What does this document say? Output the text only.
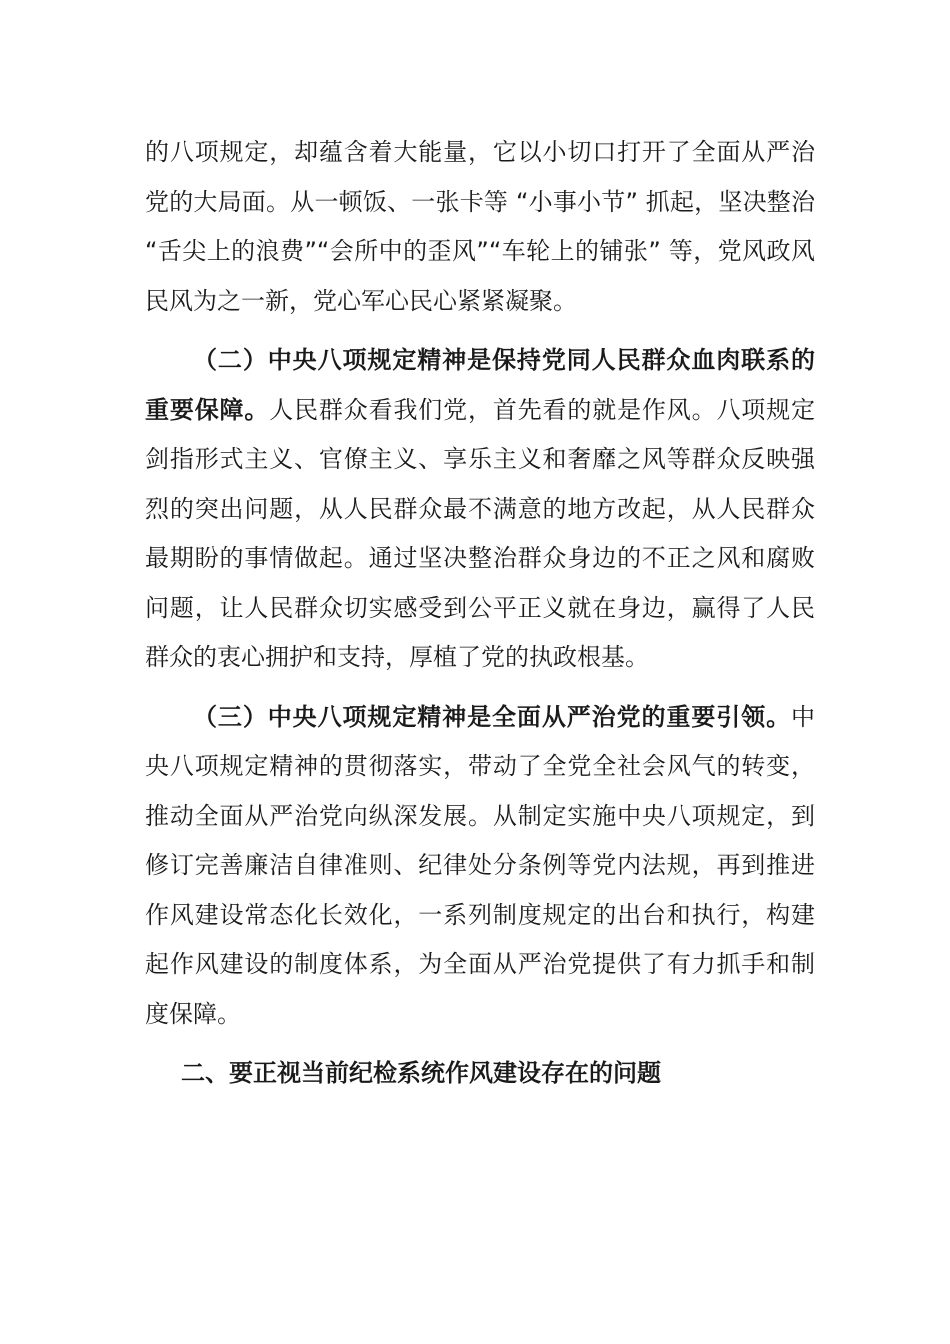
的八项规定，却蕴含着大能量，它以小切口打开了全面从严治党的大局面。从一顿饭、一张卡等 “小事小节” 抓起，坚决整治 “舌尖上的浪费”“会所中的歪风”“车轮上的铺张” 等，党风政风民风为之一新，党心军心民心紧紧凝聚。

（二）中央八项规定精神是保持党同人民群众血肉联系的重要保障。人民群众看我们党，首先看的就是作风。八项规定剑指形式主义、官僚主义、享乐主义和奢靡之风等群众反映强烈的突出问题，从人民群众最不满意的地方改起，从人民群众最期盼的事情做起。通过坚决整治群众身边的不正之风和腐败问题，让人民群众切实感受到公平正义就在身边，赢得了人民群众的衷心拥护和支持，厚植了党的执政根基。

（三）中央八项规定精神是全面从严治党的重要引领。中央八项规定精神的贯彻落实，带动了全党全社会风气的转变，推动全面从严治党向纵深发展。从制定实施中央八项规定，到修订完善廉洁自律准则、纪律处分条例等党内法规，再到推进作风建设常态化长效化，一系列制度规定的出台和执行，构建起作风建设的制度体系，为全面从严治党提供了有力抓手和制度保障。

二、要正视当前纪检系统作风建设存在的问题
